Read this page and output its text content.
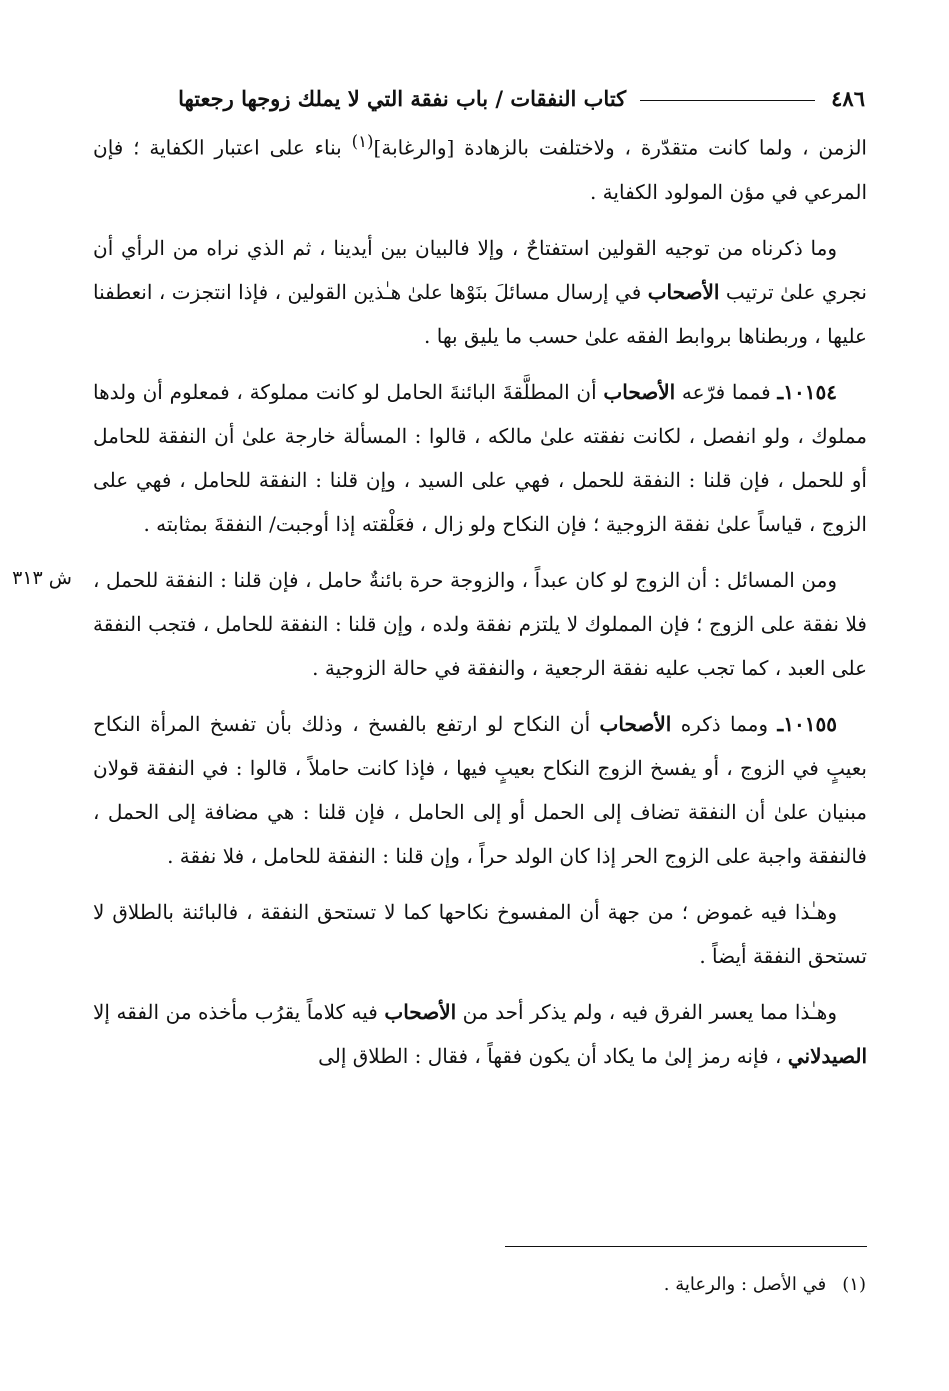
٤٨٦
كتاب النفقات / باب نفقة التي لا يملك زوجها رجعتها
ش ٣١٣

الزمن ، ولما كانت متقدّرة ، ولاختلفت بالزهادة [والرغابة]$^{(١)}$ بناء على اعتبار الكفاية ؛ فإن المرعي في مؤن المولود الكفاية .

وما ذكرناه من توجيه القولين استفتاحٌ ، وإلا فالبيان بين أيدينا ، ثم الذي نراه من الرأي أن نجري علىٰ ترتيب الأصحاب في إرسال مسائلَ بنَوْها علىٰ هـٰذين القولين ، فإذا انتجزت ، انعطفنا عليها ، وربطناها بروابط الفقه علىٰ حسب ما يليق بها .

١٠١٥٤ـ فمما فرّعه الأصحاب أن المطلَّقةَ البائنةَ الحامل لو كانت مملوكة ، فمعلوم أن ولدها مملوك ، ولو انفصل ، لكانت نفقته علىٰ مالكه ، قالوا : المسألة خارجة علىٰ أن النفقة للحامل أو للحمل ، فإن قلنا : النفقة للحمل ، فهي على السيد ، وإن قلنا : النفقة للحامل ، فهي على الزوج ، قياساً علىٰ نفقة الزوجية ؛ فإن النكاح ولو زال ، فعَلْقته إذا أوجبت/ النفقةَ بمثابته .

ومن المسائل : أن الزوج لو كان عبداً ، والزوجة حرة بائنةٌ حامل ، فإن قلنا : النفقة للحمل ، فلا نفقة على الزوج ؛ فإن المملوك لا يلتزم نفقة ولده ، وإن قلنا : النفقة للحامل ، فتجب النفقة على العبد ، كما تجب عليه نفقة الرجعية ، والنفقة في حالة الزوجية .

١٠١٥٥ـ ومما ذكره الأصحاب أن النكاح لو ارتفع بالفسخ ، وذلك بأن تفسخ المرأة النكاح بعيبٍ في الزوج ، أو يفسخ الزوج النكاح بعيبٍ فيها ، فإذا كانت حاملاً ، قالوا : في النفقة قولان مبنيان علىٰ أن النفقة تضاف إلى الحمل أو إلى الحامل ، فإن قلنا : هي مضافة إلى الحمل ، فالنفقة واجبة على الزوج الحر إذا كان الولد حراً ، وإن قلنا : النفقة للحامل ، فلا نفقة .

وهـٰذا فيه غموض ؛ من جهة أن المفسوخ نكاحها كما لا تستحق النفقة ، فالبائنة بالطلاق لا تستحق النفقة أيضاً .

وهـٰذا مما يعسر الفرق فيه ، ولم يذكر أحد من الأصحاب فيه كلاماً يقرُب مأخذه من الفقه إلا الصيدلاني ، فإنه رمز إلىٰ ما يكاد أن يكون فقهاً ، فقال : الطلاق إلى

(١)في الأصل : والرعاية .
